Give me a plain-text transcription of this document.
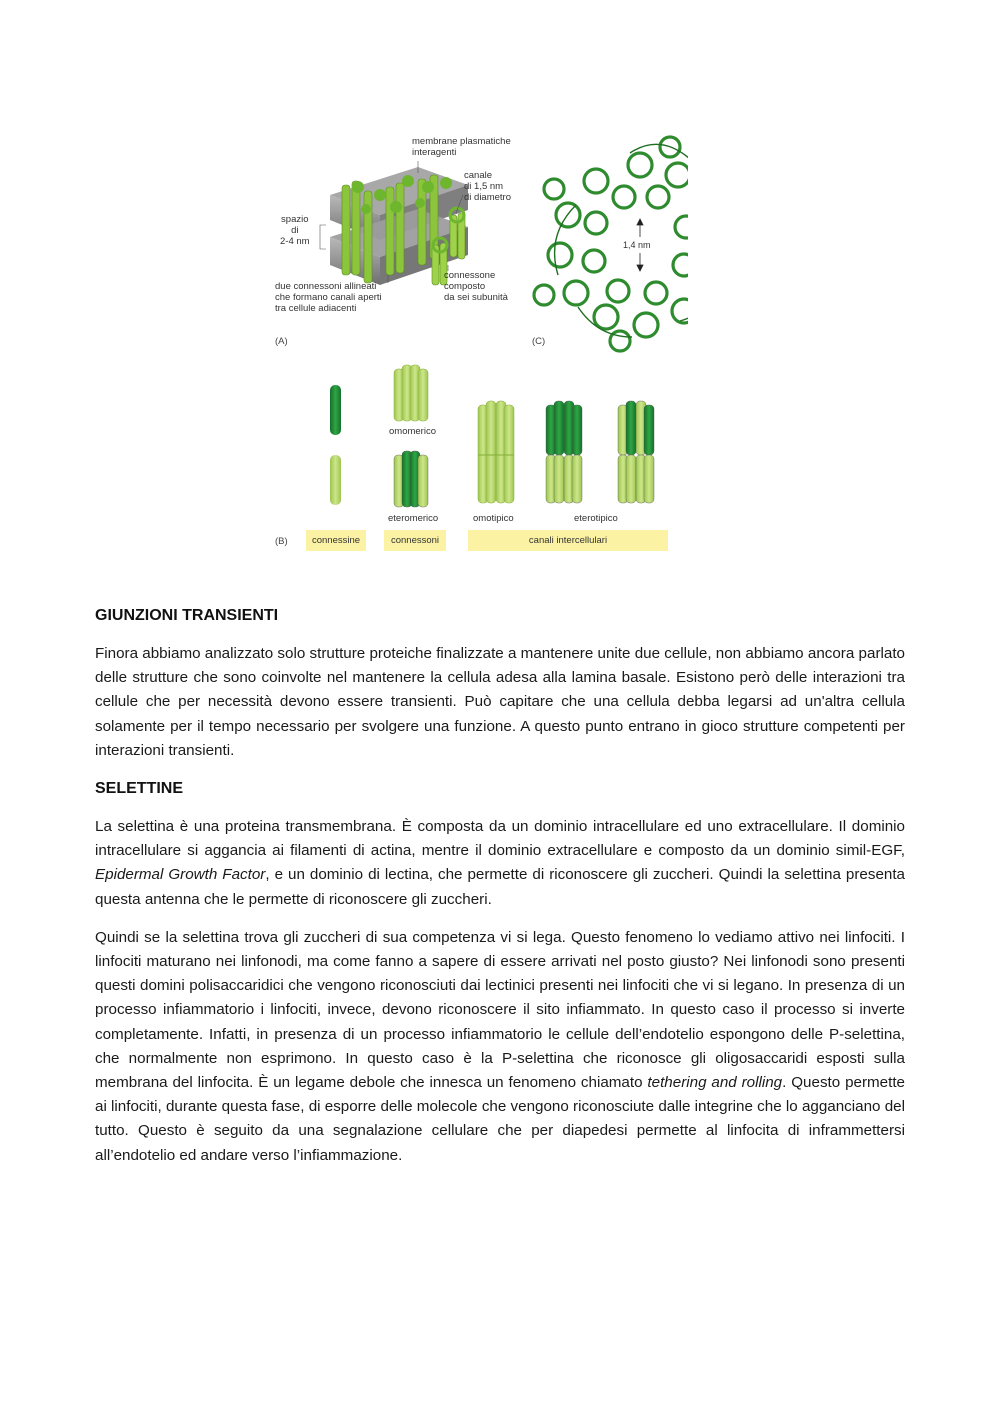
membrane plasmatiche
interagenti
canale
di 1,5 nm
di diametro
spazio
di
2-4 nm
due connessoni allineati
che formano canali aperti
tra cellule adiacenti
connessone
composto
da sei subunità
(A)
1,4 nm
(C)
omomerico
eteromerico	omotipico	eterotipico
(B)	connessine	connessoni	canali intercellulari
GIUNZIONI TRANSIENTI

Finora abbiamo analizzato solo strutture proteiche finalizzate a mantenere unite due cellule, non abbiamo ancora parlato delle strutture che sono coinvolte nel mantenere la cellula adesa alla lamina basale. Esistono però delle interazioni tra cellule che per necessità devono essere transienti. Può capitare che una cellula debba legarsi ad un'altra cellula solamente per il tempo necessario per svolgere una funzione. A questo punto entrano in gioco strutture competenti per interazioni transienti.

SELETTINE

La selettina è una proteina transmembrana. È composta da un dominio intracellulare ed uno extracellulare. Il dominio intracellulare si aggancia ai filamenti di actina, mentre il dominio extracellulare e composto da un dominio simil-EGF, Epidermal Growth Factor, e un dominio di lectina, che permette di riconoscere gli zuccheri. Quindi la selettina presenta questa antenna che le permette di riconoscere gli zuccheri.

Quindi se la selettina trova gli zuccheri di sua competenza vi si lega. Questo fenomeno lo vediamo attivo nei linfociti. I linfociti maturano nei linfonodi, ma come fanno a sapere di essere arrivati nel posto giusto? Nei linfonodi sono presenti questi domini polisaccaridici che vengono riconosciuti dai lectinici presenti nei linfociti che vi si legano. In presenza di un processo infiammatorio i linfociti, invece, devono riconoscere il sito infiammato. In questo caso il processo si inverte completamente. Infatti, in presenza di un processo infiammatorio le cellule dell’endotelio espongono delle P-selettina, che normalmente non esprimono. In questo caso è la P-selettina che riconosce gli oligosaccaridi esposti sulla membrana del linfocita. È un legame debole che innesca un fenomeno chiamato tethering and rolling. Questo permette ai linfociti, durante questa fase, di esporre delle molecole che vengono riconosciute dalle integrine che lo agganciano del tutto. Questo è seguito da una segnalazione cellulare che per diapedesi permette al linfocita di inframmettersi all’endotelio ed andare verso l’infiammazione.
